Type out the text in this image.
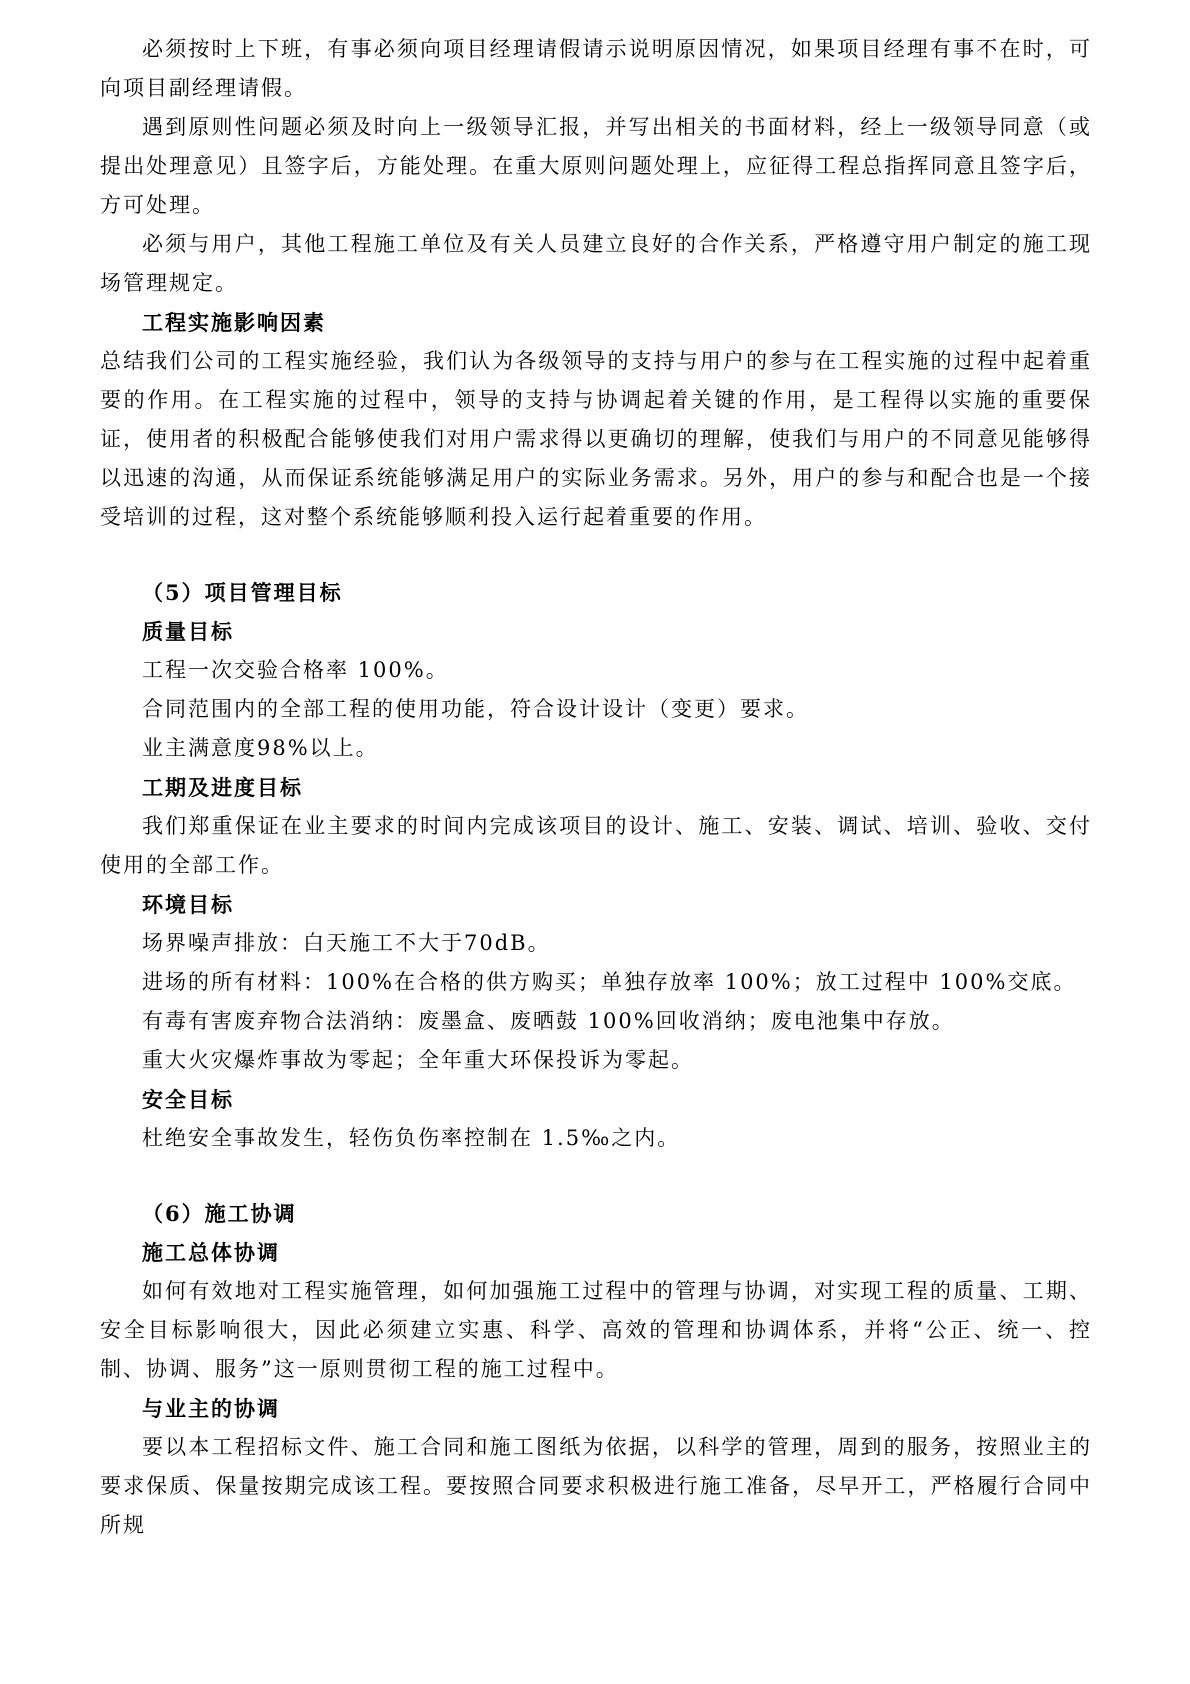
必须按时上下班，有事必须向项目经理请假请示说明原因情况，如果项目经理有事不在时，可向项目副经理请假。

遇到原则性问题必须及时向上一级领导汇报，并写出相关的书面材料，经上一级领导同意（或提出处理意见）且签字后，方能处理。在重大原则问题处理上，应征得工程总指挥同意且签字后，方可处理。

必须与用户，其他工程施工单位及有关人员建立良好的合作关系，严格遵守用户制定的施工现场管理规定。

工程实施影响因素

总结我们公司的工程实施经验，我们认为各级领导的支持与用户的参与在工程实施的过程中起着重要的作用。在工程实施的过程中，领导的支持与协调起着关键的作用，是工程得以实施的重要保证，使用者的积极配合能够使我们对用户需求得以更确切的理解，使我们与用户的不同意见能够得以迅速的沟通，从而保证系统能够满足用户的实际业务需求。另外，用户的参与和配合也是一个接受培训的过程，这对整个系统能够顺利投入运行起着重要的作用。

（5）项目管理目标

质量目标

工程一次交验合格率 100%。

合同范围内的全部工程的使用功能，符合设计设计（变更）要求。

业主满意度98%以上。

工期及进度目标

我们郑重保证在业主要求的时间内完成该项目的设计、施工、安装、调试、培训、验收、交付使用的全部工作。

环境目标

场界噪声排放：白天施工不大于70dB。

进场的所有材料：100%在合格的供方购买；单独存放率 100%；放工过程中 100%交底。

有毒有害废弃物合法消纳：废墨盒、废晒鼓 100%回收消纳；废电池集中存放。

重大火灾爆炸事故为零起；全年重大环保投诉为零起。

安全目标

杜绝安全事故发生，轻伤负伤率控制在 1.5‰之内。

（6）施工协调

施工总体协调

如何有效地对工程实施管理，如何加强施工过程中的管理与协调，对实现工程的质量、工期、安全目标影响很大，因此必须建立实惠、科学、高效的管理和协调体系，并将“公正、统一、控制、协调、服务”这一原则贯彻工程的施工过程中。

与业主的协调

要以本工程招标文件、施工合同和施工图纸为依据，以科学的管理，周到的服务，按照业主的要求保质、保量按期完成该工程。要按照合同要求积极进行施工准备，尽早开工，严格履行合同中所规
